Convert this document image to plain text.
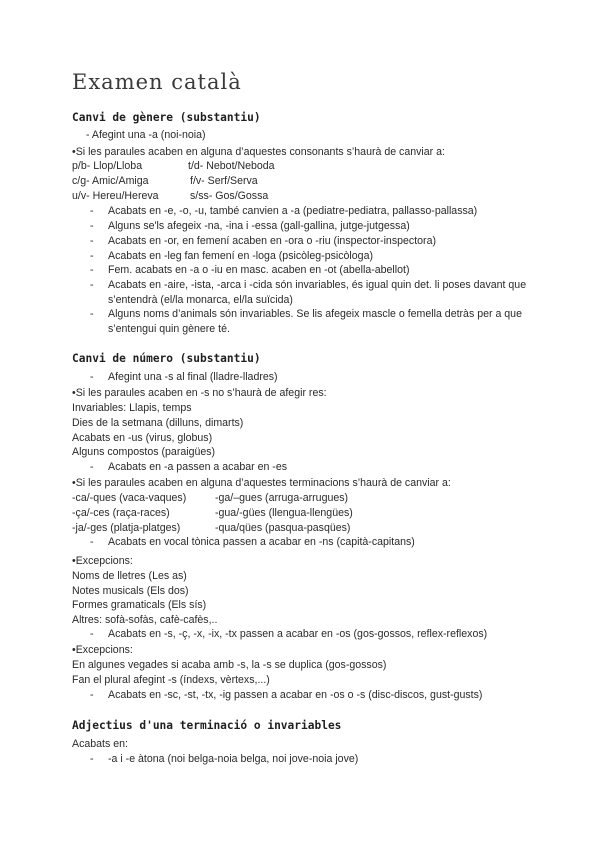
Examen català
Canvi de gènere (substantiu)

- Afegint una -a (noi-noia)

•Si les paraules acaben en alguna d’aquestes consonants s’haurà de canviar a:

p/b- Llop/Lloba	t/d- Nebot/Neboda

c/g- Amic/Amiga	f/v- Serf/Serva

u/v- Hereu/Hereva	s/ss- Gos/Gossa

- Acabats en -e, -o, -u, també canvien a -a (pediatre-pediatra, pallasso-pallassa)

- Alguns se'ls afegeix -na, -ina i -essa (gall-gallina, jutge-jutgessa)

- Acabats en -or, en femení acaben en -ora o -riu (inspector-inspectora)

- Acabats en -leg fan femení en -loga (psicòleg-psicòloga)

- Fem. acabats en -a o -iu en masc. acaben en -ot (abella-abellot)

- Acabats en -aire, -ista, -arca i -cida són invariables, és igual quin det. li poses davant que s’entendrà (el/la monarca, el/la suïcida)

- Alguns noms d’animals són invariables. Se lis afegeix mascle o femella detràs per a que s’entengui quin gènere té.

Canvi de número (substantiu)

- Afegint una -s al final (lladre-lladres)

•Si les paraules acaben en -s no s’haurà de afegir res:

Invariables: Llapis, temps

Dies de la setmana (dilluns, dimarts)

Acabats en -us (virus, globus)

Alguns compostos (paraigües)

- Acabats en -a passen a acabar en -es

•Si les paraules acaben en alguna d’aquestes terminacions s’haurà de canviar a:

-ca/-ques (vaca-vaques)	-ga/–gues (arruga-arrugues)

-ça/-ces (raça-races)	-gua/-gües (llengua-llengües)

-ja/-ges (platja-platges)	-qua/qües (pasqua-pasqües)

- Acabats en vocal tònica passen a acabar en -ns (capità-capitans)

•Excepcions:

Noms de lletres (Les as)

Notes musicals (Els dos)

Formes gramaticals (Els sís)

Altres: sofà-sofàs, cafè-cafès,..

- Acabats en -s, -ç, -x, -ix, -tx passen a acabar en -os (gos-gossos, reflex-reflexos)

•Excepcions:

En algunes vegades si acaba amb -s, la -s se duplica (gos-gossos)

Fan el plural afegint -s (índexs, vèrtexs,...)

- Acabats en -sc, -st, -tx, -ig passen a acabar en -os o -s (disc-discos, gust-gusts)

Adjectius d'una terminació o invariables

Acabats en:

- -a i -e àtona (noi belga-noia belga, noi jove-noia jove)
